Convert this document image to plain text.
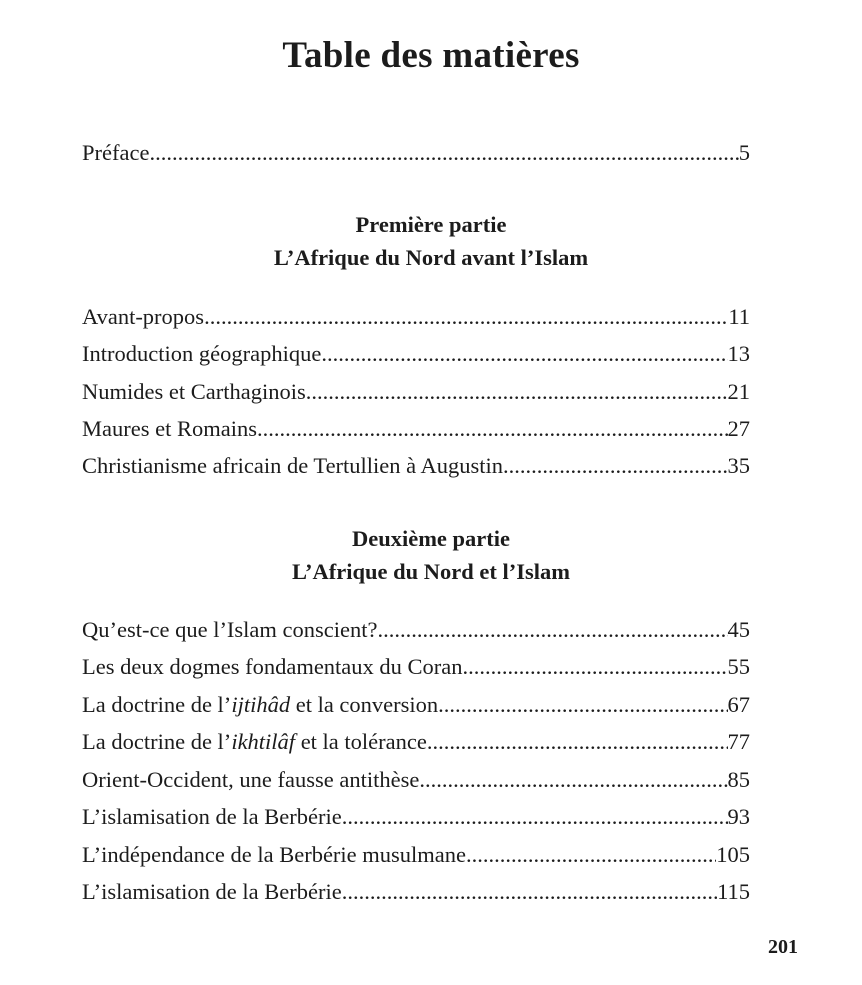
Table des matières
Préface .....	5
Première partie
L’Afrique du Nord avant l’Islam
Avant-propos .....	11
Introduction géographique .....	13
Numides et Carthaginois .....	21
Maures et Romains .....	27
Christianisme africain de Tertullien à Augustin .....	35
Deuxième partie
L’Afrique du Nord et l’Islam
Qu’est-ce que l’Islam conscient? .....	45
Les deux dogmes fondamentaux du Coran .....	55
La doctrine de l’ijtihâd et la conversion .....	67
La doctrine de l’ikhtilâf et la tolérance .....	77
Orient-Occident, une fausse antithèse .....	85
L’islamisation de la Berbérie .....	93
L’indépendance de la Berbérie musulmane .....	105
L’islamisation de la Berbérie .....	115
201
